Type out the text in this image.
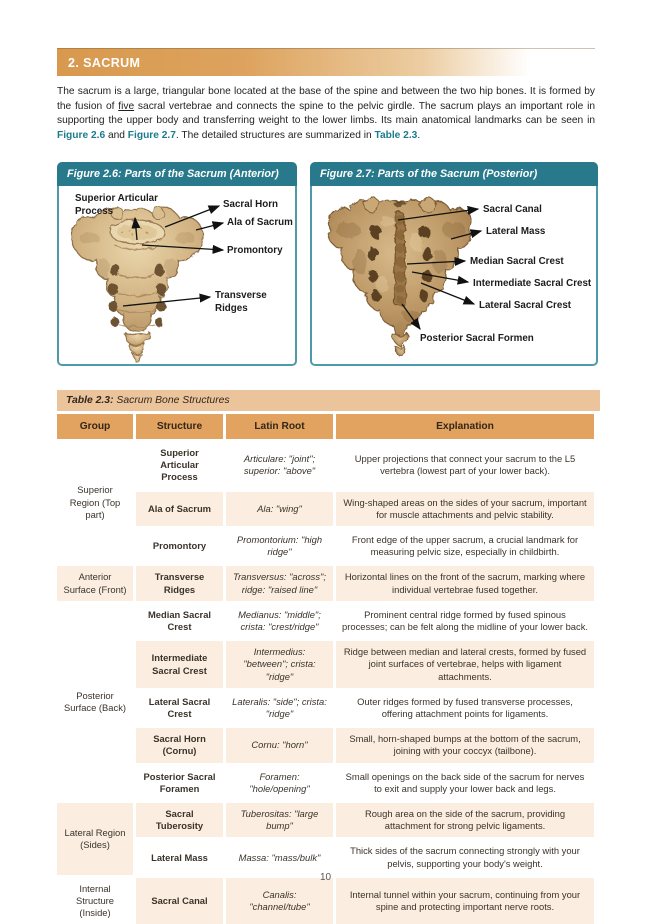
2. SACRUM
The sacrum is a large, triangular bone located at the base of the spine and between the two hip bones. It is formed by the fusion of five sacral vertebrae and connects the spine to the pelvic girdle. The sacrum plays an important role in supporting the upper body and transferring weight to the lower limbs. Its main anatomical landmarks can be seen in Figure 2.6 and Figure 2.7. The detailed structures are summarized in Table 2.3.
Figure 2.6: Parts of the Sacrum (Anterior)
Superior Articular Process
Sacral Horn
Ala of Sacrum
Promontory
Transverse Ridges
Figure 2.7: Parts of the Sacrum (Posterior)
Sacral Canal
Lateral Mass
Median Sacral Crest
Intermediate Sacral Crest
Lateral Sacral Crest
Posterior Sacral Formen
Table 2.3: Sacrum Bone Structures
Group	Structure	Latin Root	Explanation
Superior Region (Top part)	Superior Articular Process	Articulare: "joint"; superior: "above"	Upper projections that connect your sacrum to the L5 vertebra (lowest part of your lower back).
	Ala of Sacrum	Ala: "wing"	Wing-shaped areas on the sides of your sacrum, important for muscle attachments and pelvic stability.
	Promontory	Promontorium: "high ridge"	Front edge of the upper sacrum, a crucial landmark for measuring pelvic size, especially in childbirth.
Anterior Surface (Front)	Transverse Ridges	Transversus: "across"; ridge: "raised line"	Horizontal lines on the front of the sacrum, marking where individual vertebrae fused together.
Posterior Surface (Back)	Median Sacral Crest	Medianus: "middle"; crista: "crest/ridge"	Prominent central ridge formed by fused spinous processes; can be felt along the midline of your lower back.
	Intermediate Sacral Crest	Intermedius: "between"; crista: "ridge"	Ridge between median and lateral crests, formed by fused joint surfaces of vertebrae, helps with ligament attachments.
	Lateral Sacral Crest	Lateralis: "side"; crista: "ridge"	Outer ridges formed by fused transverse processes, offering attachment points for ligaments.
	Sacral Horn (Cornu)	Cornu: "horn"	Small, horn-shaped bumps at the bottom of the sacrum, joining with your coccyx (tailbone).
	Posterior Sacral Foramen	Foramen: "hole/opening"	Small openings on the back side of the sacrum for nerves to exit and supply your lower back and legs.
Lateral Region (Sides)	Sacral Tuberosity	Tuberositas: "large bump"	Rough area on the side of the sacrum, providing attachment for strong pelvic ligaments.
	Lateral Mass	Massa: "mass/bulk"	Thick sides of the sacrum connecting strongly with your pelvis, supporting your body's weight.
Internal Structure (Inside)	Sacral Canal	Canalis: "channel/tube"	Internal tunnel within your sacrum, continuing from your spine and protecting important nerve roots.
10
